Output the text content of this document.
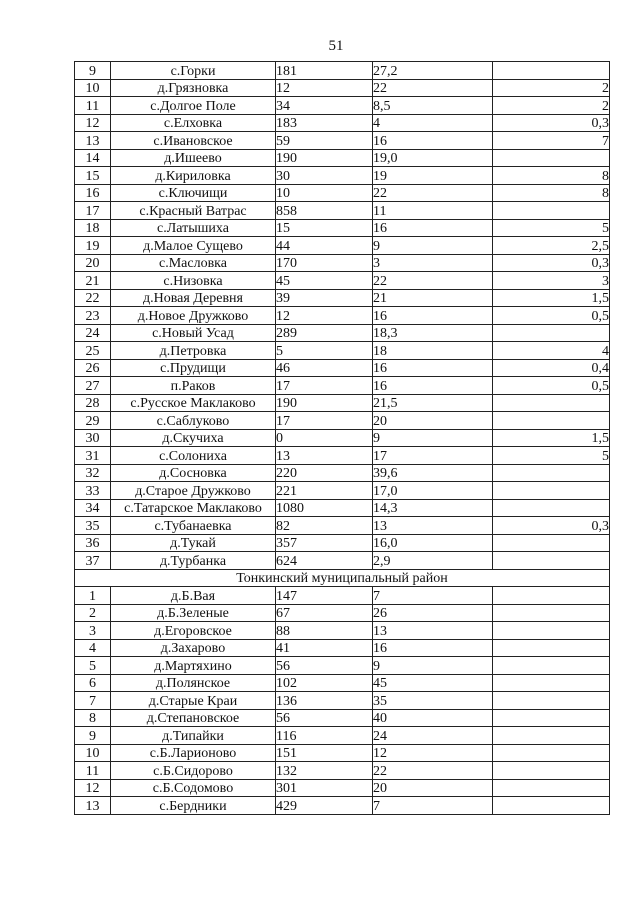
51
9	с.Горки	181	27,2	
10	д.Грязновка	12	22	2
11	с.Долгое Поле	34	8,5	2
12	с.Елховка	183	4	0,3
13	с.Ивановское	59	16	7
14	д.Ишеево	190	19,0	
15	д.Кириловка	30	19	8
16	с.Ключищи	10	22	8
17	с.Красный Ватрас	858	11	
18	с.Латышиха	15	16	5
19	д.Малое Сущево	44	9	2,5
20	с.Масловка	170	3	0,3
21	с.Низовка	45	22	3
22	д.Новая Деревня	39	21	1,5
23	д.Новое Дружково	12	16	0,5
24	с.Новый Усад	289	18,3	
25	д.Петровка	5	18	4
26	с.Прудищи	46	16	0,4
27	п.Раков	17	16	0,5
28	с.Русское Маклаково	190	21,5	
29	с.Саблуково	17	20	
30	д.Скучиха	0	9	1,5
31	с.Солониха	13	17	5
32	д.Сосновка	220	39,6	
33	д.Старое Дружково	221	17,0	
34	с.Татарское Маклаково	1080	14,3	
35	с.Тубанаевка	82	13	0,3
36	д.Тукай	357	16,0	
37	д.Турбанка	624	2,9	
Тонкинский муниципальный район				
1	д.Б.Вая	147	7	
2	д.Б.Зеленые	67	26	
3	д.Егоровское	88	13	
4	д.Захарово	41	16	
5	д.Мартяхино	56	9	
6	д.Полянское	102	45	
7	д.Старые Краи	136	35	
8	д.Степановское	56	40	
9	д.Типайки	116	24	
10	с.Б.Ларионово	151	12	
11	с.Б.Сидорово	132	22	
12	с.Б.Содомово	301	20	
13	с.Бердники	429	7	
